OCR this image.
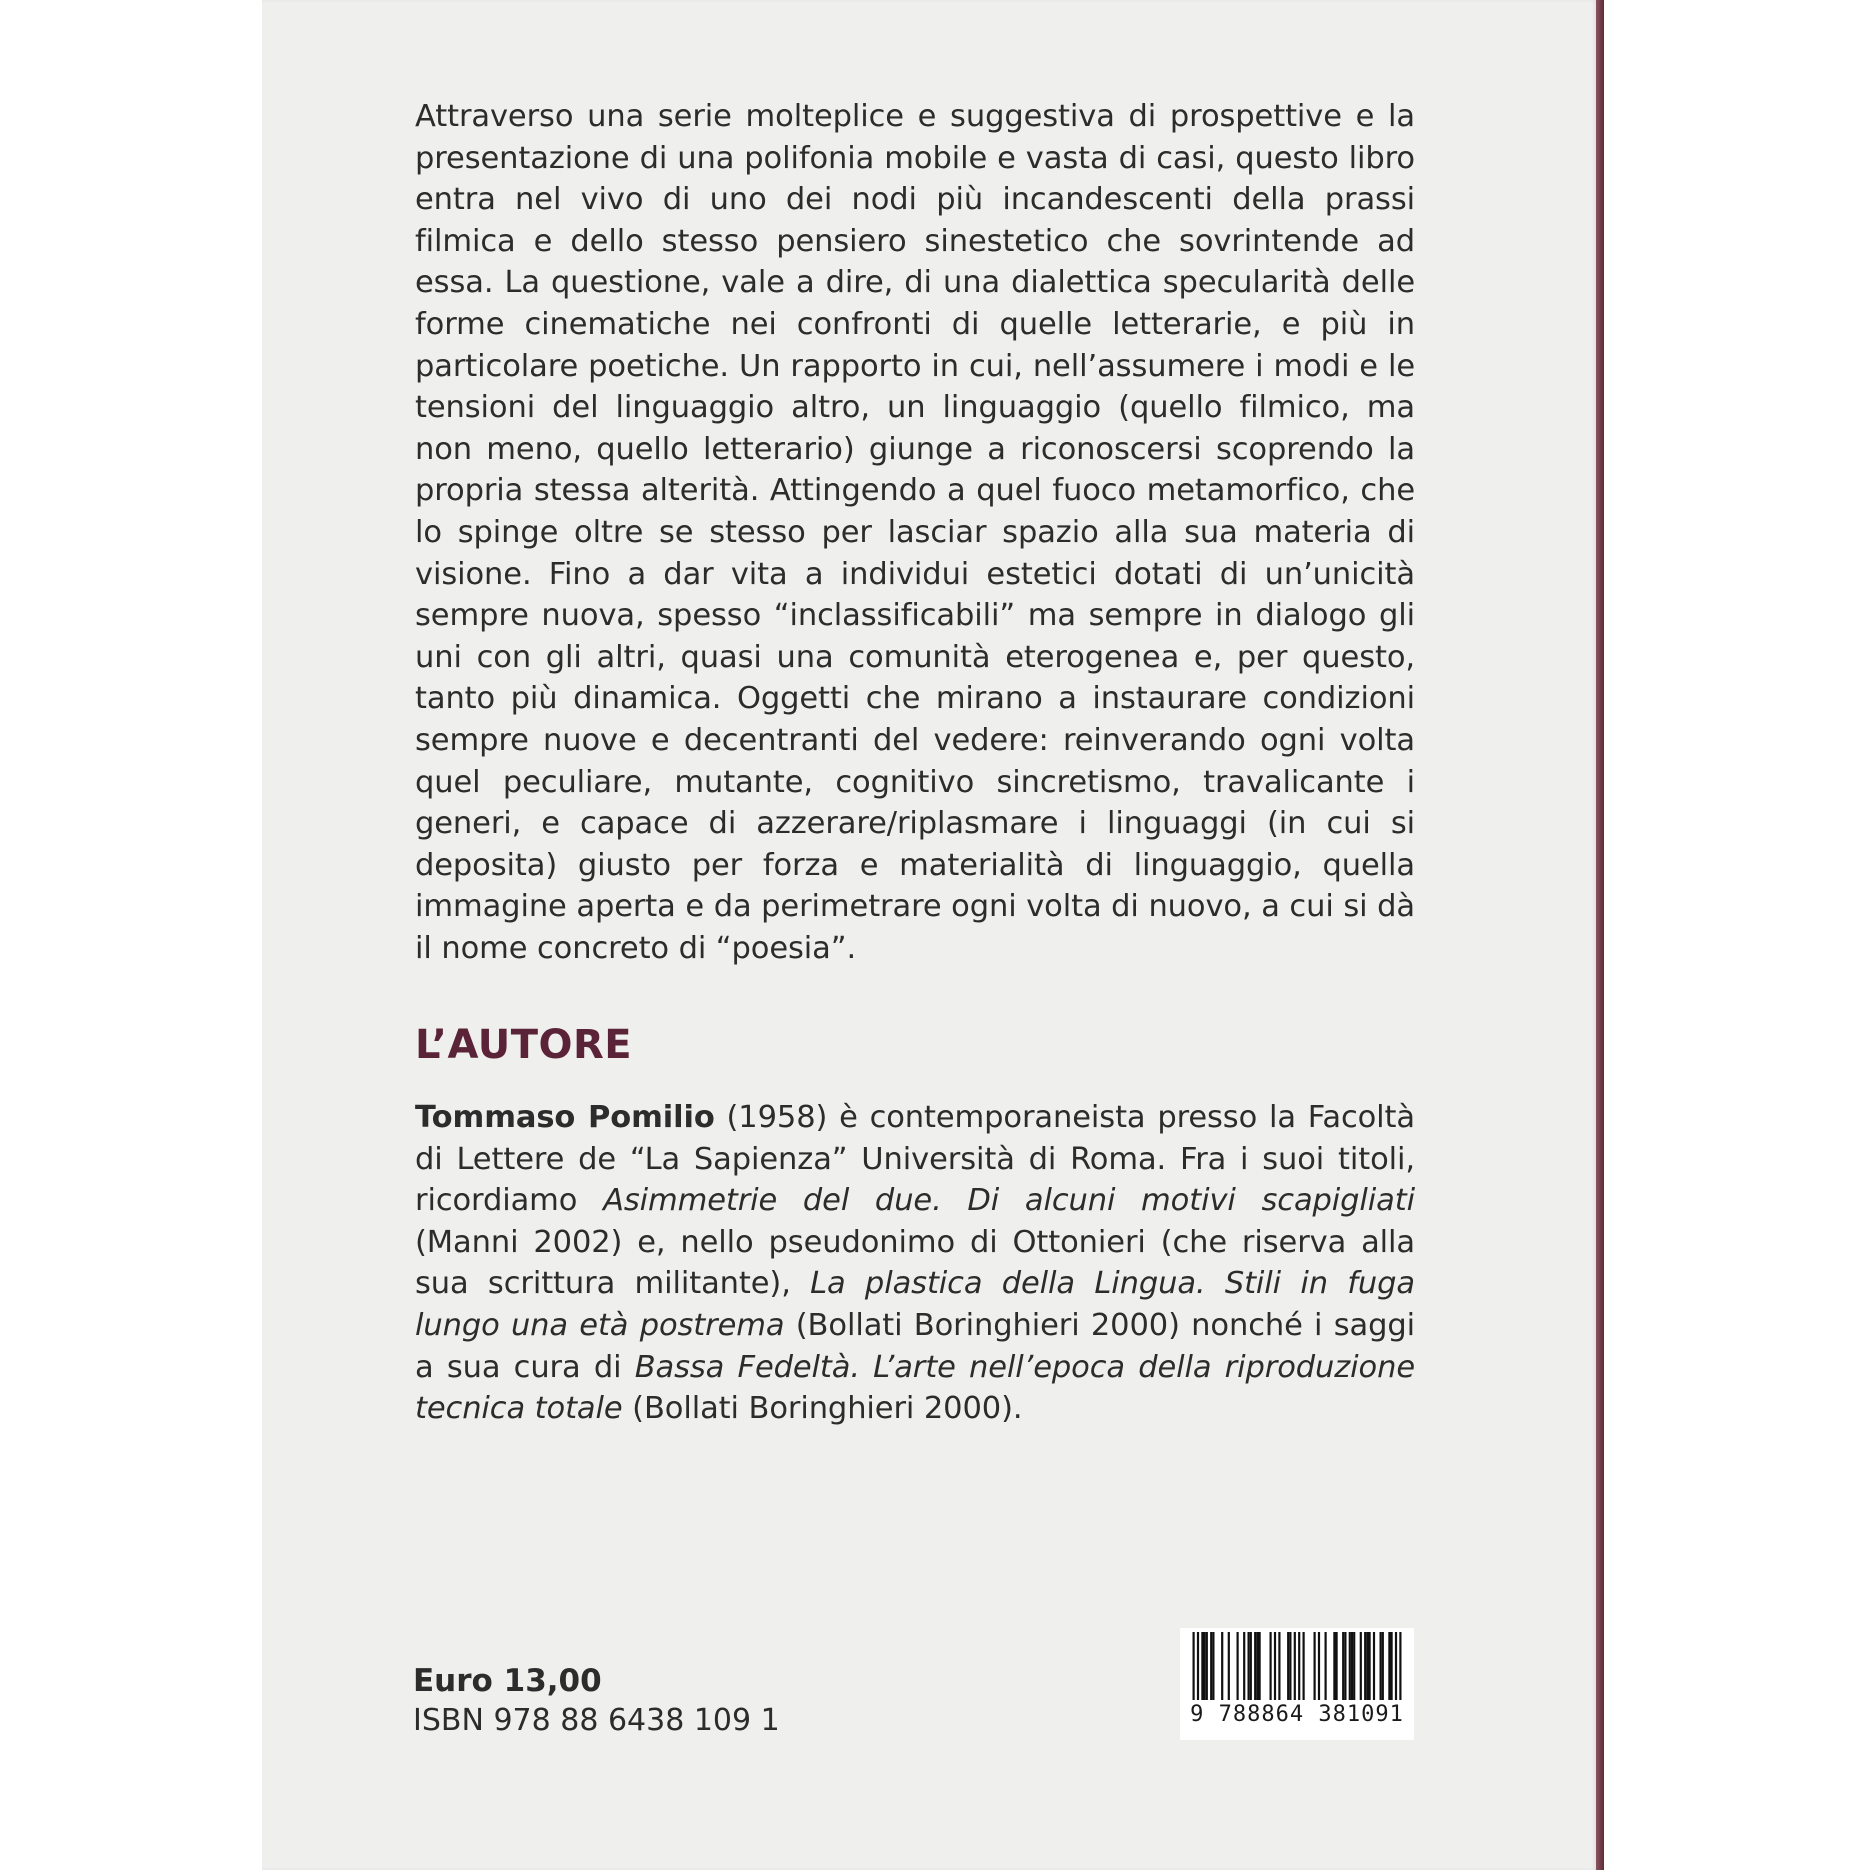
Attraverso una serie molteplice e suggestiva di prospettive e la presentazione di una polifonia mobile e vasta di casi, questo libro entra nel vivo di uno dei nodi più incandescenti della prassi filmica e dello stesso pensiero sinestetico che sovrintende ad essa. La questione, vale a dire, di una dialettica specularità delle forme cinematiche nei confronti di quelle letterarie, e più in particolare poetiche. Un rapporto in cui, nell’assumere i modi e le tensioni del linguaggio altro, un linguaggio (quello filmico, ma non meno, quello letterario) giunge a riconoscersi scoprendo la propria stessa alterità. Attingendo a quel fuoco metamorfico, che lo spinge oltre se stesso per lasciar spazio alla sua materia di visione. Fino a dar vita a individui estetici dotati di un’unicità sempre nuova, spesso “inclassificabili” ma sempre in dialogo gli uni con gli altri, quasi una comunità eterogenea e, per questo, tanto più dinamica. Oggetti che mirano a instaurare condizioni sempre nuove e decentranti del vedere: reinverando ogni volta quel peculiare, mutante, cognitivo sincretismo, travalicante i generi, e capace di azzerare/riplasmare i linguaggi (in cui si deposita) giusto per forza e materialità di linguaggio, quella immagine aperta e da perimetrare ogni volta di nuovo, a cui si dà il nome concreto di “poesia”.

L’AUTORE

Tommaso Pomilio (1958) è contemporaneista presso la Facoltà di Lettere de “La Sapienza” Università di Roma. Fra i suoi titoli, ricordiamo Asimmetrie del due. Di alcuni motivi scapigliati (Manni 2002) e, nello pseudonimo di Ottonieri (che riserva alla sua scrittura militante), La plastica della Lingua. Stili in fuga lungo una età postrema (Bollati Boringhieri 2000) nonché i saggi a sua cura di Bassa Fedeltà. L’arte nell’epoca della riproduzione tecnica totale (Bollati Boringhieri 2000).

Euro 13,00
ISBN 978 88 6438 109 1	9 788864 381091
